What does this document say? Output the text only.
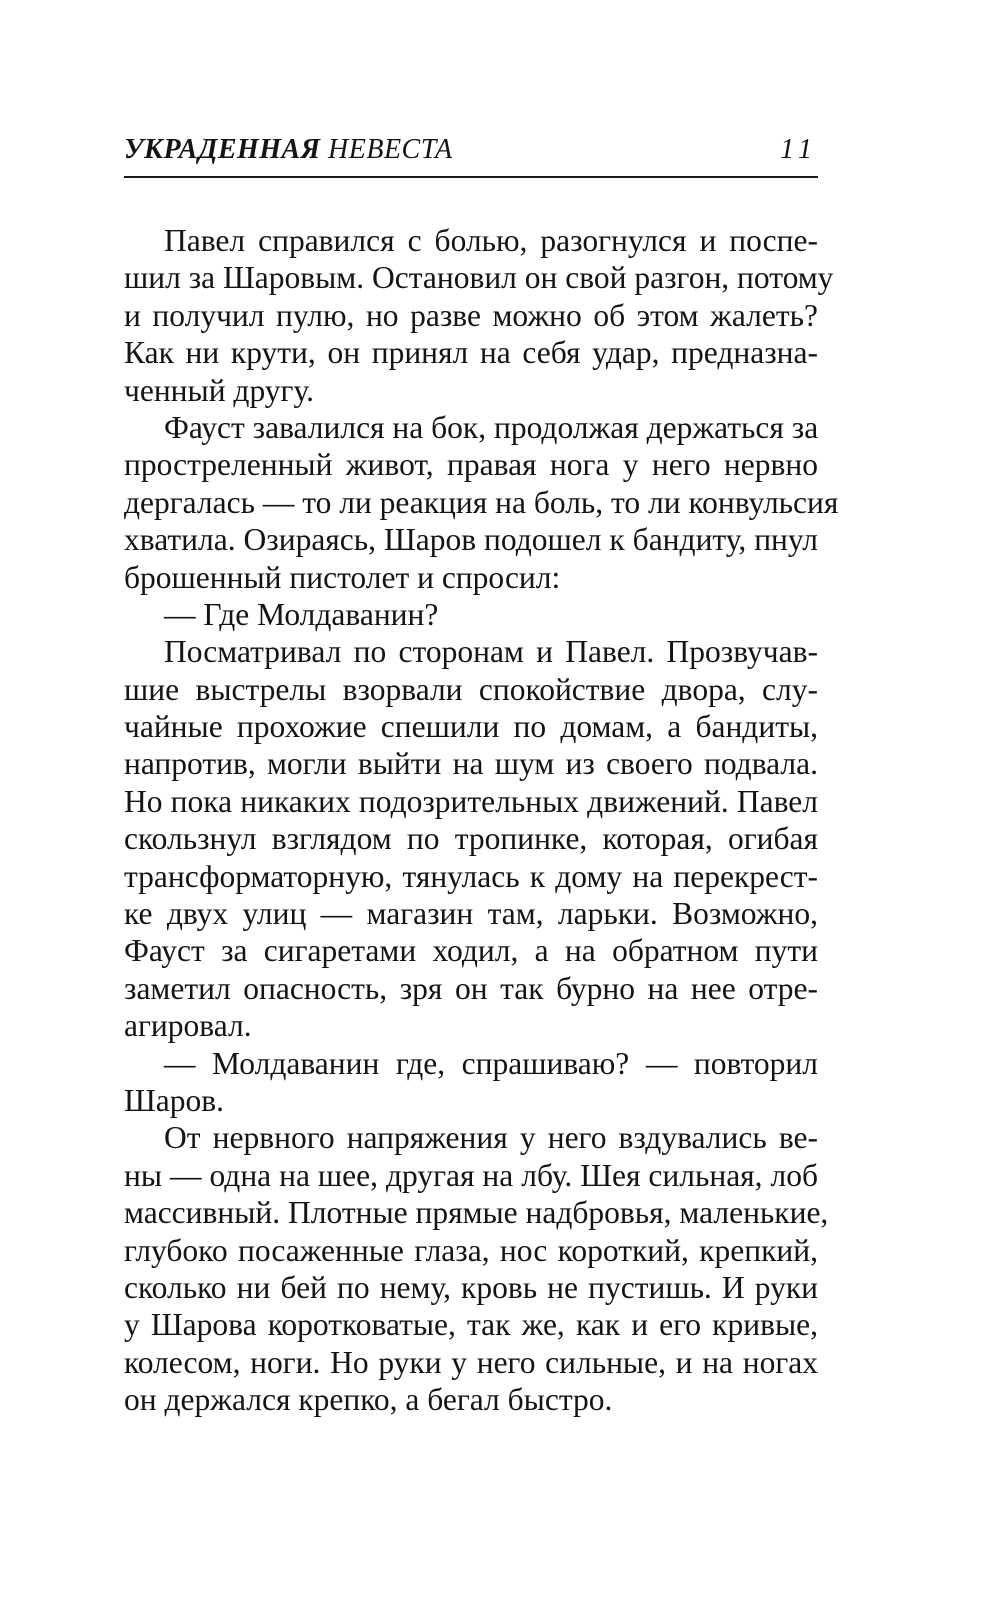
УКРАДЕННАЯ НЕВЕСТА	11
Павел справился с болью, разогнулся и поспе-
шил за Шаровым. Остановил он свой разгон, потому
и получил пулю, но разве можно об этом жалеть?
Как ни крути, он принял на себя удар, предназна-
ченный другу.
Фауст завалился на бок, продолжая держаться за
простреленный живот, правая нога у него нервно
дергалась — то ли реакция на боль, то ли конвульсия
хватила. Озираясь, Шаров подошел к бандиту, пнул
брошенный пистолет и спросил:
— Где Молдаванин?
Посматривал по сторонам и Павел. Прозвучав-
шие выстрелы взорвали спокойствие двора, слу-
чайные прохожие спешили по домам, а бандиты,
напротив, могли выйти на шум из своего подвала.
Но пока никаких подозрительных движений. Павел
скользнул взглядом по тропинке, которая, огибая
трансформаторную, тянулась к дому на перекрест-
ке двух улиц — магазин там, ларьки. Возможно,
Фауст за сигаретами ходил, а на обратном пути
заметил опасность, зря он так бурно на нее отре-
агировал.
— Молдаванин где, спрашиваю? — повторил
Шаров.
От нервного напряжения у него вздувались ве-
ны — одна на шее, другая на лбу. Шея сильная, лоб
массивный. Плотные прямые надбровья, маленькие,
глубоко посаженные глаза, нос короткий, крепкий,
сколько ни бей по нему, кровь не пустишь. И руки
у Шарова коротковатые, так же, как и его кривые,
колесом, ноги. Но руки у него сильные, и на ногах
он держался крепко, а бегал быстро.
